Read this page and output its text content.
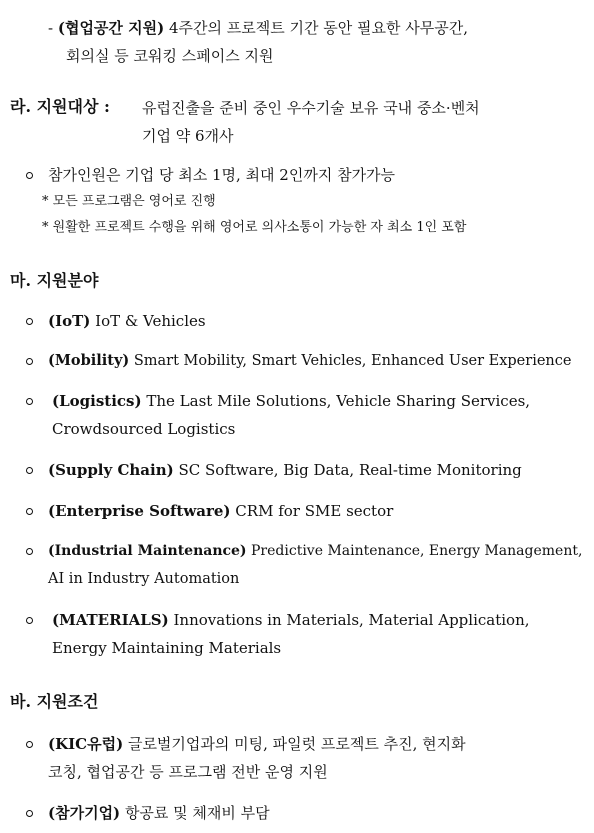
- (협업공간 지원) 4주간의 프로젝트 기간 동안 필요한 사무공간,
회의실 등 코워킹 스페이스 지원
라. 지원대상 : 유럽진출을 준비 중인 우수기술 보유 국내 중소·벤처
기업 약 6개사
참가인원은 기업 당 최소 1명, 최대 2인까지 참가가능
* 모든 프로그램은 영어로 진행
* 원활한 프로젝트 수행을 위해 영어로 의사소통이 가능한 자 최소 1인 포함
마. 지원분야
(IoT) IoT & Vehicles
(Mobility) Smart Mobility, Smart Vehicles, Enhanced User Experience
(Logistics) The Last Mile Solutions, Vehicle Sharing Services,
Crowdsourced Logistics
(Supply Chain) SC Software, Big Data, Real-time Monitoring
(Enterprise Software) CRM for SME sector
(Industrial Maintenance) Predictive Maintenance, Energy Management,
AI in Industry Automation
(MATERIALS) Innovations in Materials, Material Application,
Energy Maintaining Materials
바. 지원조건
(KIC유럽) 글로벌기업과의 미팅, 파일럿 프로젝트 추진, 현지화
코칭, 협업공간 등 프로그램 전반 운영 지원
(참가기업) 항공료 및 체재비 부담
